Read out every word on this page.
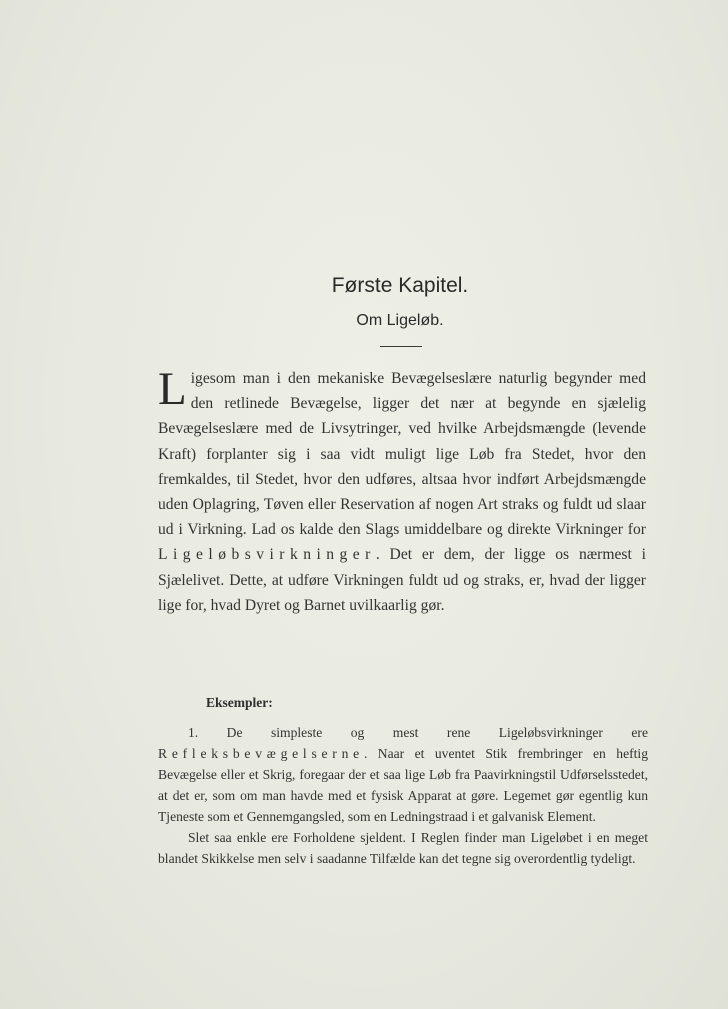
Første Kapitel.
Om Ligeløb.
Ligesom man i den mekaniske Bevægelseslære naturlig begynder med den retlinede Bevægelse, ligger det nær at begynde en sjælelig Bevægelseslære med de Livsytringer, ved hvilke Arbejdsmængde (levende Kraft) forplanter sig i saa vidt muligt lige Løb fra Stedet, hvor den fremkaldes, til Stedet, hvor den udføres, altsaa hvor indført Arbejdsmængde uden Oplagring, Tøven eller Reservation af nogen Art straks og fuldt ud slaar ud i Virkning. Lad os kalde den Slags umiddelbare og direkte Virkninger for Ligeløbsvirkninger. Det er dem, der ligge os nærmest i Sjælelivet. Dette, at udføre Virkningen fuldt ud og straks, er, hvad der ligger lige for, hvad Dyret og Barnet uvilkaarlig gør.
Eksempler:

1. De simpleste og mest rene Ligeløbsvirkninger ere Refleksbevægelserne. Naar et uventet Stik frembringer en heftig Bevægelse eller et Skrig, foregaar der et saa lige Løb fra Paavirkningstil Udførselsstedet, at det er, som om man havde med et fysisk Apparat at gøre. Legemet gør egentlig kun Tjeneste som et Gennemgangsled, som en Ledningstraad i et galvanisk Element.

Slet saa enkle ere Forholdene sjeldent. I Reglen finder man Ligeløbet i en meget blandet Skikkelse men selv i saadanne Tilfælde kan det tegne sig overordentlig tydeligt.
